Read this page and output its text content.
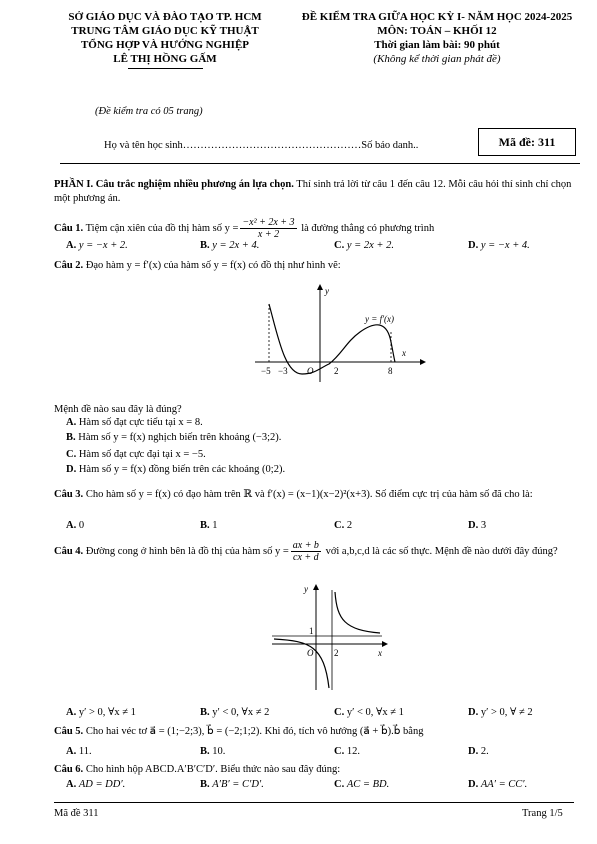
SỞ GIÁO DỤC VÀ ĐÀO TẠO TP. HCM
TRUNG TÂM GIÁO DỤC KỸ THUẬT
TỔNG HỢP VÀ HƯỚNG NGHIỆP
LÊ THỊ HỒNG GẤM
ĐỀ KIỂM TRA GIỮA HỌC KỲ I- NĂM HỌC 2024-2025
MÔN: TOÁN – KHỐI 12
Thời gian làm bài: 90 phút
(Không kể thời gian phát đề)
(Đề kiểm tra có 05 trang)
Họ và tên học sinh……………………………………………Số báo danh..	Mã đề: 311
PHẦN I. Câu trắc nghiệm nhiều phương án lựa chọn. Thí sinh trả lời từ câu 1 đến câu 12. Mỗi câu hỏi thí sinh chỉ chọn một phương án.
Câu 1. Tiệm cận xiên của đồ thị hàm số $y = \frac{\text{−x² + 2x + 3}}{x + 2}$ là đường thẳng có phương trình
A. y = −x + 2.	B. y = 2x + 4.	C. y = 2x + 2.	D. y = −x + 4.
Câu 2. Đạo hàm y = f′(x) của hàm số y = f(x) có đồ thị như hình vẽ:
y = f'(x)
y
x
−5 −3 O 2	8
Mệnh đề nào sau đây là đúng?
A. Hàm số đạt cực tiểu tại x = 8.
B. Hàm số y = f(x) nghịch biến trên khoảng (−3;2).
C. Hàm số đạt cực đại tại x = −5.
D. Hàm số y = f(x) đồng biến trên các khoảng (0;2).
Câu 3. Cho hàm số y = f(x) có đạo hàm trên ℝ và f′(x) = (x−1)(x−2)²(x+3). Số điểm cực trị của hàm số đã cho là:
A. 0	B. 1	C. 2	D. 3
Câu 4. Đường cong ở hình bên là đồ thị của hàm số $y = \frac{ax + b}{cx + d}$ với a,b,c,d là các số thực. Mệnh đề nào dưới đây đúng?
y
x
1
O 2
A. y′ > 0, ∀x ≠ 1	B. y′ < 0, ∀x ≠ 2	C. y′ < 0, ∀x ≠ 1	D. y′ > 0, ∀ ≠ 2
Câu 5. Cho hai véc tơ a⃗ = (1;−2;3), b⃗ = (−2;1;2). Khi đó, tích vô hướng (a⃗ + b⃗).b⃗ bằng
A. 11.	B. 10.	C. 12.	D. 2.
Câu 6. Cho hình hộp ABCD.A′B′C′D′. Biểu thức nào sau đây đúng:
A. AD = DD′.	B. A′B′ = C′D′.	C. AC = BD.	D. AA′ = CC′.
Mã đề 311	Trang 1/5
